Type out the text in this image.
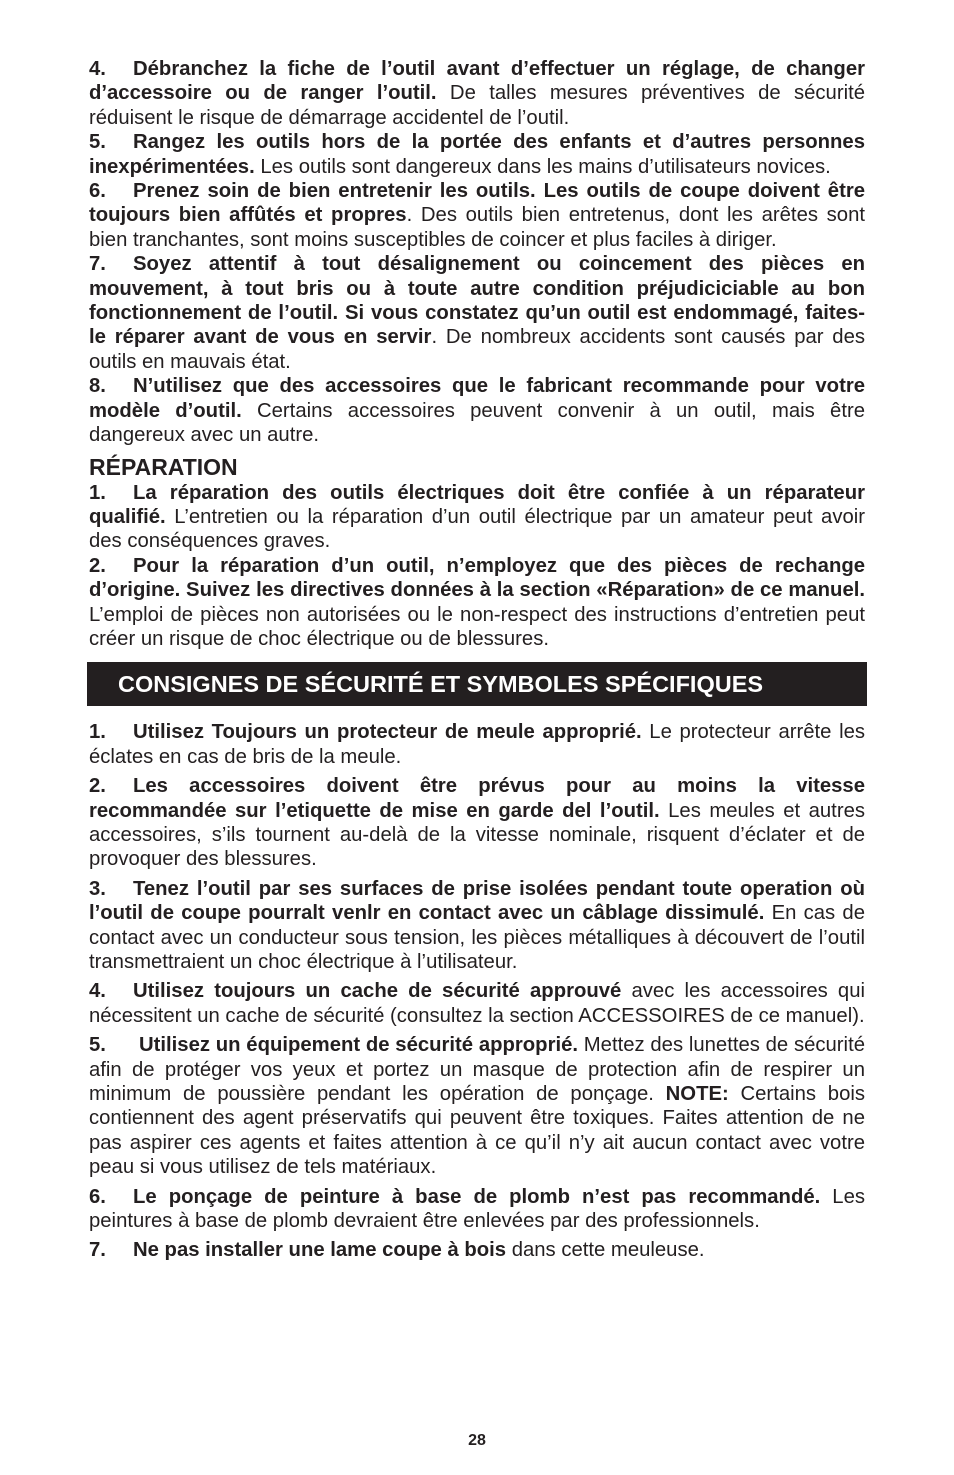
4. Débranchez la fiche de l’outil avant d’effectuer un réglage, de changer d’accessoire ou de ranger l’outil. De talles mesures préventives de sécurité réduisent le risque de démarrage accidentel de l’outil.

5. Rangez les outils hors de la portée des enfants et d’autres personnes inexpérimentées. Les outils sont dangereux dans les mains d’utilisateurs novices.

6. Prenez soin de bien entretenir les outils. Les outils de coupe doivent être toujours bien affûtés et propres. Des outils bien entretenus, dont les arêtes sont bien tranchantes, sont moins susceptibles de coincer et plus faciles à diriger.

7. Soyez attentif à tout désalignement ou coincement des pièces en mouvement, à tout bris ou à toute autre condition préjudiciciable au bon fonctionnement de l’outil. Si vous constatez qu’un outil est endommagé, faites-le réparer avant de vous en servir. De nombreux accidents sont causés par des outils en mauvais état.

8. N’utilisez que des accessoires que le fabricant recommande pour votre modèle d’outil. Certains accessoires peuvent convenir à un outil, mais être dangereux avec un autre.

RÉPARATION

1. La réparation des outils électriques doit être confiée à un réparateur qualifié. L’entretien ou la réparation d’un outil électrique par un amateur peut avoir des conséquences graves.

2. Pour la réparation d’un outil, n’employez que des pièces de rechange d’origine. Suivez les directives données à la section «Réparation» de ce manuel. L’emploi de pièces non autorisées ou le non-respect des instructions d’entretien peut créer un risque de choc électrique ou de blessures.

CONSIGNES DE SÉCURITÉ ET SYMBOLES SPÉCIFIQUES

1. Utilisez Toujours un protecteur de meule approprié. Le protecteur arrête les éclates en cas de bris de la meule.

2. Les accessoires doivent être prévus pour au moins la vitesse recommandée sur l’etiquette de mise en garde del l’outil. Les meules et autres accessoires, s’ils tournent au-delà de la vitesse nominale, risquent d’éclater et de provoquer des blessures.

3. Tenez l’outil par ses surfaces de prise isolées pendant toute operation où l’outil de coupe pourralt venlr en contact avec un câblage dissimulé. En cas de contact avec un conducteur sous tension, les pièces métalliques à découvert de l’outil transmettraient un choc électrique à l’utilisateur.

4. Utilisez toujours un cache de sécurité approuvé avec les accessoires qui nécessitent un cache de sécurité (consultez la section ACCESSOIRES de ce manuel).

5. Utilisez un équipement de sécurité approprié. Mettez des lunettes de sécurité afin de protéger vos yeux et portez un masque de protection afin de respirer un minimum de poussière pendant les opération de ponçage. NOTE: Certains bois contiennent des agent préservatifs qui peuvent être toxiques. Faites attention de ne pas aspirer ces agents et faites attention à ce qu’il n’y ait aucun contact avec votre peau si vous utilisez de tels matériaux.

6. Le ponçage de peinture à base de plomb n’est pas recommandé. Les peintures à base de plomb devraient être enlevées par des professionnels.

7. Ne pas installer une lame coupe à bois dans cette meuleuse.

28
